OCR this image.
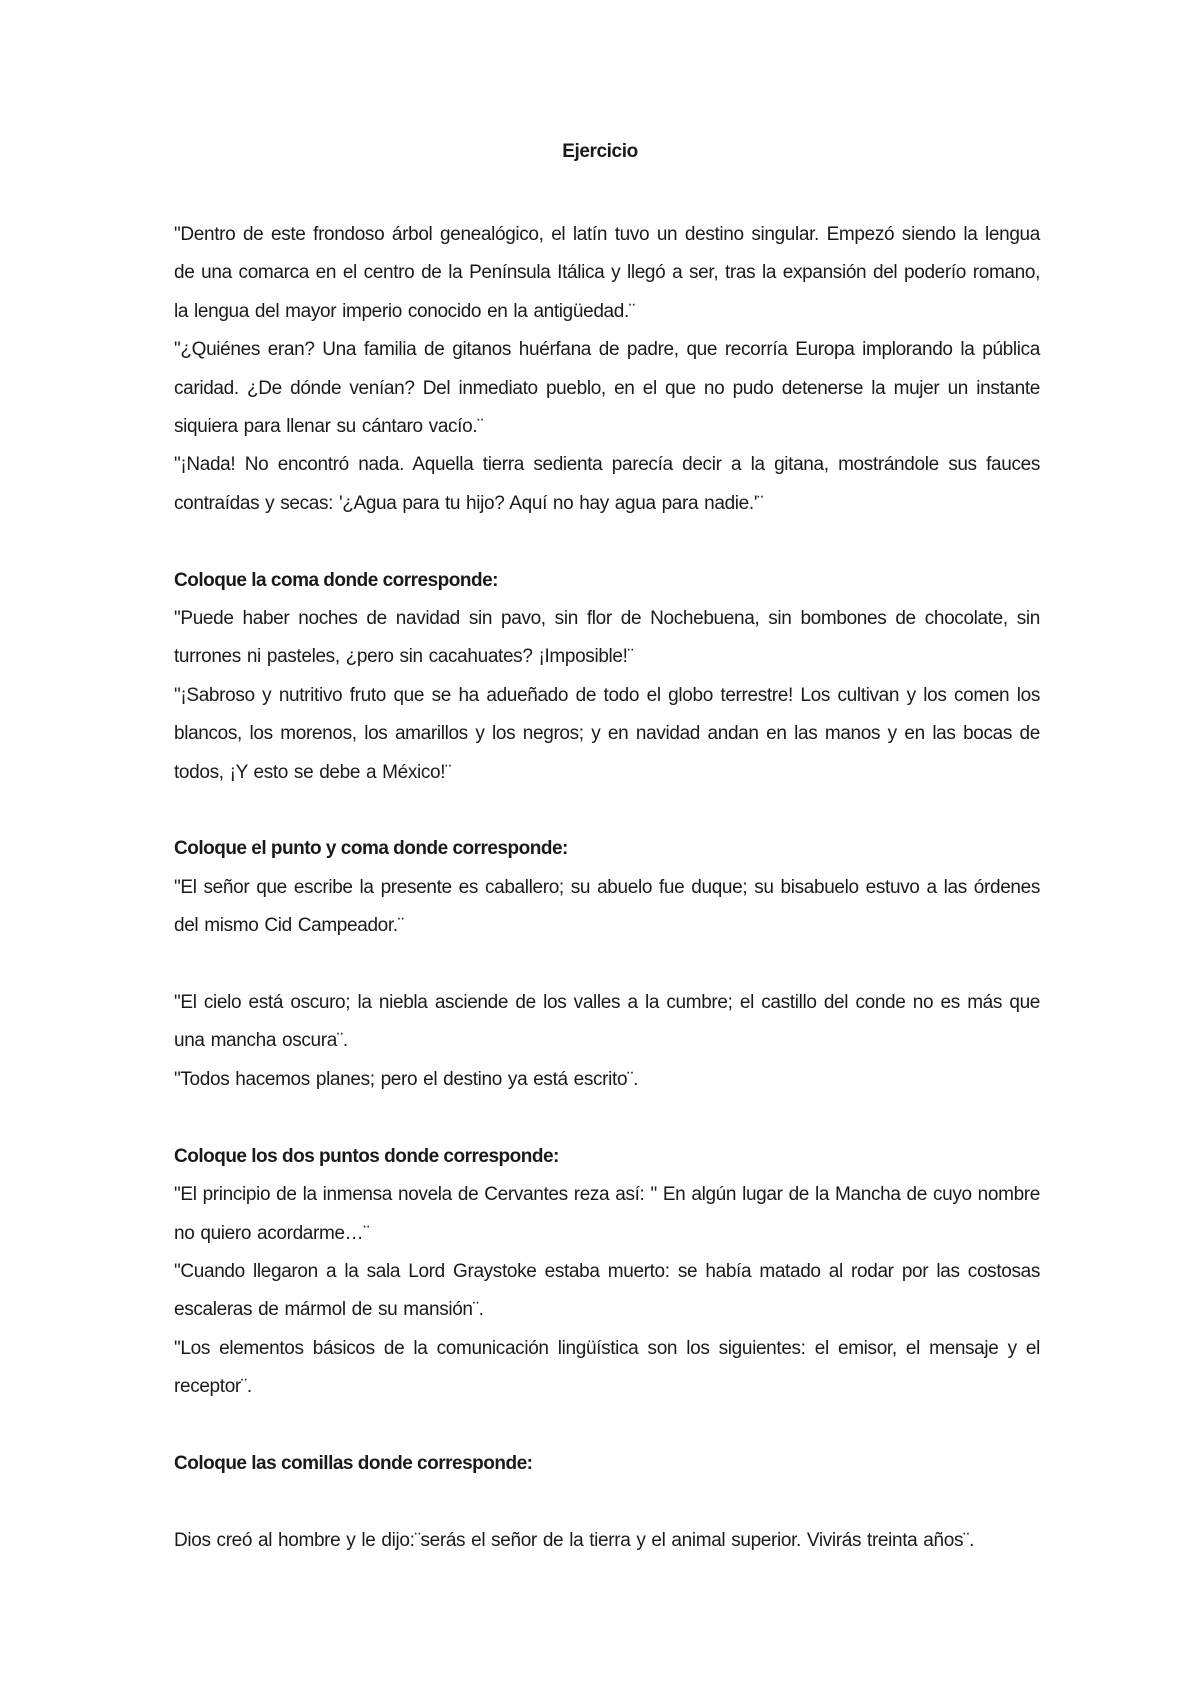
Ejercicio

"Dentro de este frondoso árbol genealógico, el latín tuvo un destino singular. Empezó siendo la lengua de una comarca en el centro de la Península Itálica y llegó a ser, tras la expansión del poderío romano, la lengua del mayor imperio conocido en la antigüedad.¨

"¿Quiénes eran? Una familia de gitanos huérfana de padre, que recorría Europa implorando la pública caridad. ¿De dónde venían? Del inmediato pueblo, en el que no pudo detenerse la mujer un instante siquiera para llenar su cántaro vacío.¨

"¡Nada! No encontró nada. Aquella tierra sedienta parecía decir a la gitana, mostrándole sus fauces contraídas y secas: '¿Agua para tu hijo? Aquí no hay agua para nadie.'¨

Coloque la coma donde corresponde:

"Puede haber noches de navidad sin pavo, sin flor de Nochebuena, sin bombones de chocolate, sin turrones ni pasteles, ¿pero sin cacahuates? ¡Imposible!¨

"¡Sabroso y nutritivo fruto que se ha adueñado de todo el globo terrestre! Los cultivan y los comen los blancos, los morenos, los amarillos y los negros; y en navidad andan en las manos y en las bocas de todos, ¡Y esto se debe a México!¨

Coloque el punto y coma donde corresponde:

"El señor que escribe la presente es caballero; su abuelo fue duque; su bisabuelo estuvo a las órdenes del mismo Cid Campeador.¨

"El cielo está oscuro; la niebla asciende de los valles a la cumbre; el castillo del conde no es más que una mancha oscura¨.

"Todos hacemos planes; pero el destino ya está escrito¨.

Coloque los dos puntos donde corresponde:

"El principio de la inmensa novela de Cervantes reza así: " En algún lugar de la Mancha de cuyo nombre no quiero acordarme…¨

"Cuando llegaron a la sala Lord Graystoke estaba muerto: se había matado al rodar por las costosas escaleras de mármol de su mansión¨.

"Los elementos básicos de la comunicación lingüística son los siguientes: el emisor, el mensaje y el receptor¨.

Coloque las comillas donde corresponde:

Dios creó al hombre y le dijo:¨serás el señor de la tierra y el animal superior. Vivirás treinta años¨.
